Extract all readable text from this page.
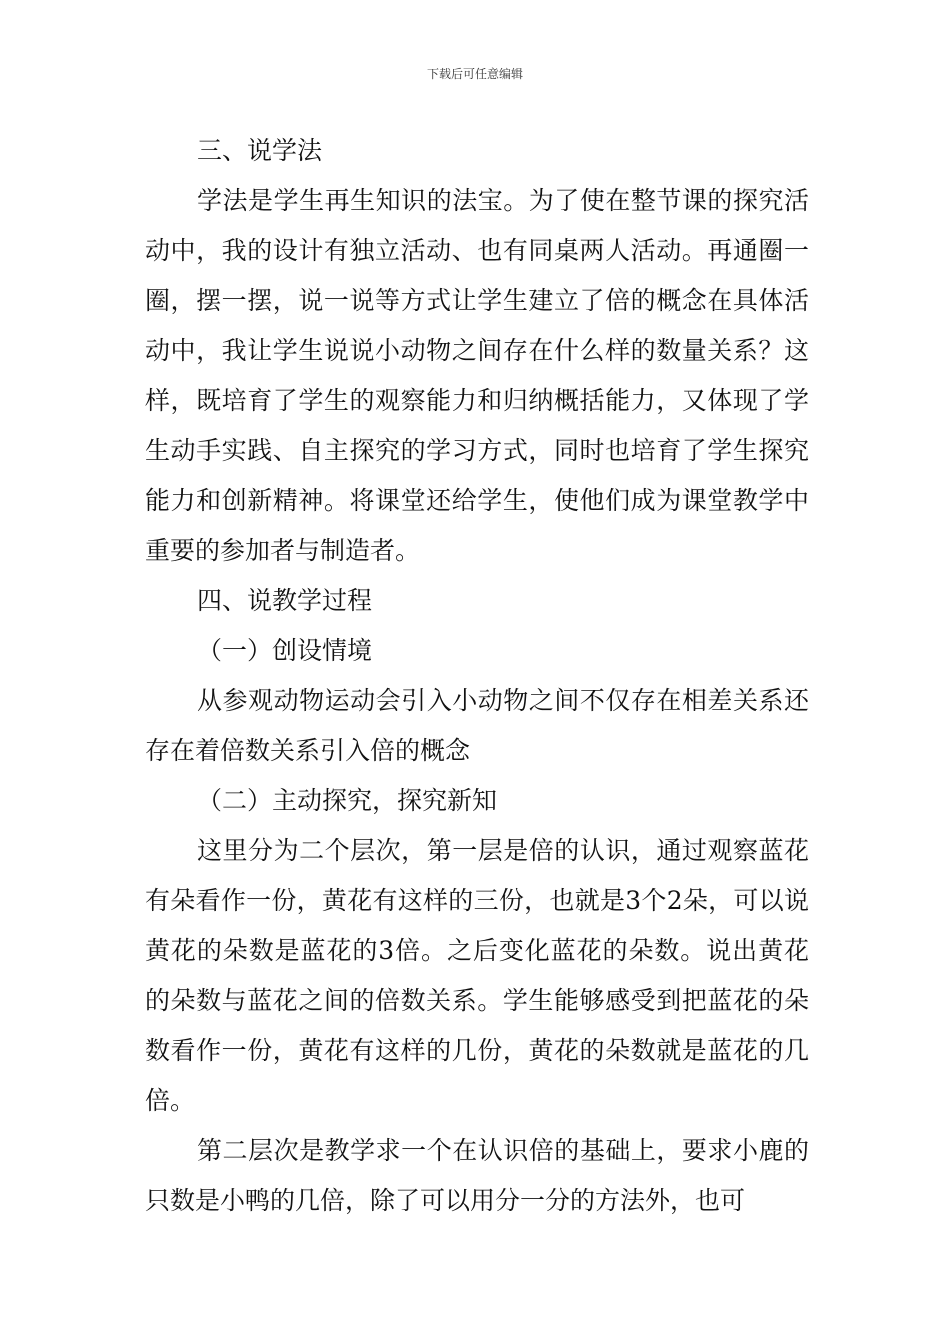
下载后可任意编辑

三、说学法

学法是学生再生知识的法宝。为了使在整节课的探究活动中，我的设计有独立活动、也有同桌两人活动。再通圈一圈，摆一摆，说一说等方式让学生建立了倍的概念在具体活动中，我让学生说说小动物之间存在什么样的数量关系？这样，既培育了学生的观察能力和归纳概括能力，又体现了学生动手实践、自主探究的学习方式，同时也培育了学生探究能力和创新精神。将课堂还给学生，使他们成为课堂教学中重要的参加者与制造者。

四、说教学过程

（一）创设情境

从参观动物运动会引入小动物之间不仅存在相差关系还存在着倍数关系引入倍的概念

（二）主动探究，探究新知

这里分为二个层次，第一层是倍的认识，通过观察蓝花有朵看作一份，黄花有这样的三份，也就是3个2朵，可以说黄花的朵数是蓝花的3倍。之后变化蓝花的朵数。说出黄花的朵数与蓝花之间的倍数关系。学生能够感受到把蓝花的朵数看作一份，黄花有这样的几份，黄花的朵数就是蓝花的几倍。

第二层次是教学求一个在认识倍的基础上，要求小鹿的只数是小鸭的几倍，除了可以用分一分的方法外，也可
